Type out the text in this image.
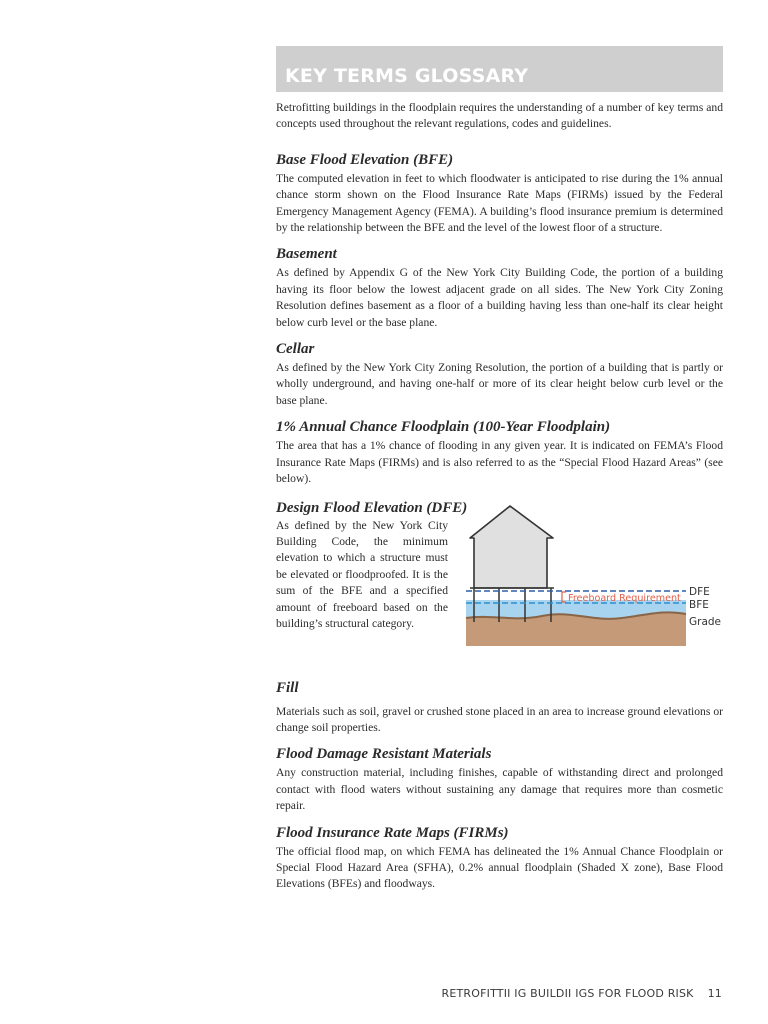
KEY TERMS GLOSSARY

Retrofitting buildings in the floodplain requires the understanding of a number of key terms and concepts used throughout the relevant regulations, codes and guidelines.

Base Flood Elevation (BFE)

The computed elevation in feet to which floodwater is anticipated to rise during the 1% annual chance storm shown on the Flood Insurance Rate Maps (FIRMs) issued by the Federal Emergency Management Agency (FEMA). A building’s flood insurance premium is determined by the relationship between the BFE and the level of the lowest floor of a structure.

Basement

As defined by Appendix G of the New York City Building Code, the portion of a building having its floor below the lowest adjacent grade on all sides. The New York City Zoning Resolution defines basement as a floor of a building having less than one-half its clear height below curb level or the base plane.

Cellar

As defined by the New York City Zoning Resolution, the portion of a building that is partly or wholly underground, and having one-half or more of its clear height below curb level or the base plane.

1% Annual Chance Floodplain (100-Year Floodplain)

The area that has a 1% chance of flooding in any given year. It is indicated on FEMA’s Flood Insurance Rate Maps (FIRMs) and is also referred to as the “Special Flood Hazard Areas” (see below).

Design Flood Elevation (DFE)

As defined by the New York City Building Code, the minimum elevation to which a structure must be elevated or floodproofed. It is the sum of the BFE and a specified amount of freeboard based on the building’s structural category.

Freeboard Requirement
DFE
BFE
Grade
Fill

Materials such as soil, gravel or crushed stone placed in an area to increase ground elevations or change soil properties.

Flood Damage Resistant Materials

Any construction material, including finishes, capable of withstanding direct and prolonged contact with flood waters without sustaining any damage that requires more than cosmetic repair.

Flood Insurance Rate Maps (FIRMs)

The official flood map, on which FEMA has delineated the 1% Annual Chance Floodplain or Special Flood Hazard Area (SFHA), 0.2% annual floodplain (Shaded X zone), Base Flood Elevations (BFEs) and floodways.

RETROFITTII IG BUILDII IGS FOR FLOOD RISK 11
